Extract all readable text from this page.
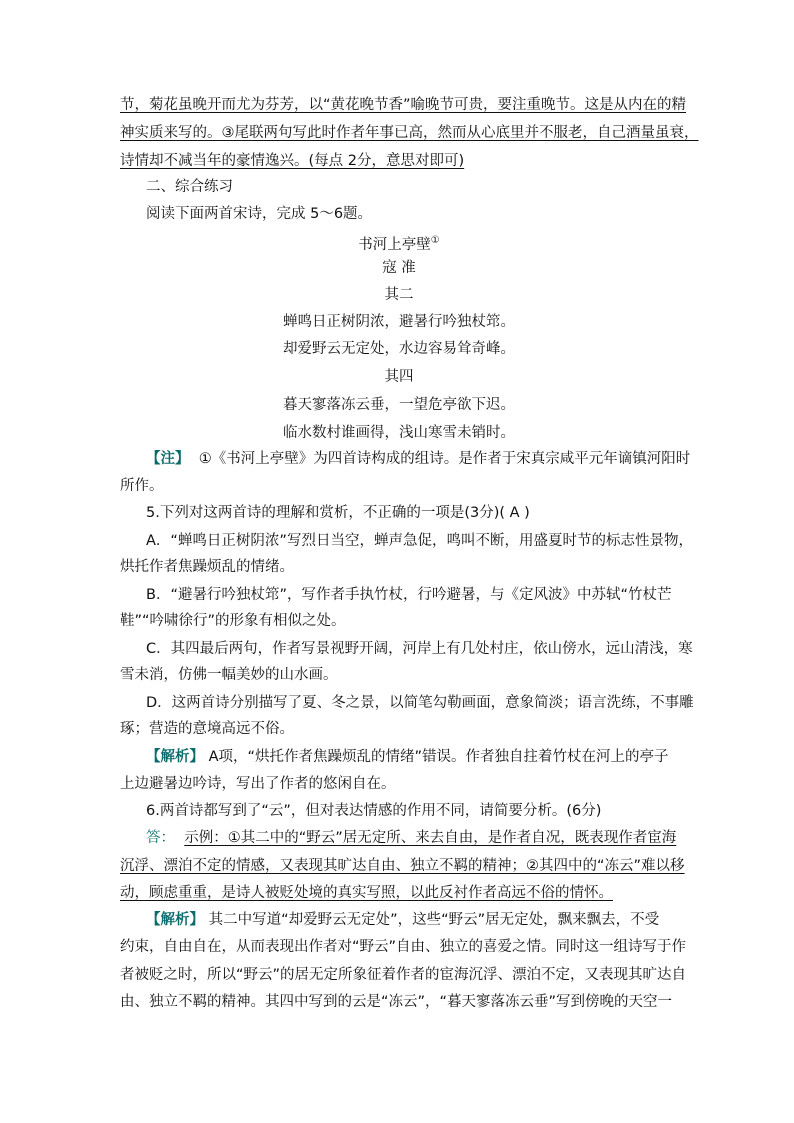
节，菊花虽晚开而尤为芬芳，以“黄花晚节香”喻晚节可贵，要注重晚节。这是从内在的精
神实质来写的。③尾联两句写此时作者年事已高，然而从心底里并不服老，自己酒量虽衰，
诗情却不减当年的豪情逸兴。(每点 2分，意思对即可)
二、综合练习
阅读下面两首宋诗，完成 5～6题。
书河上亭壁①
寇 准
其二
蝉鸣日正树阴浓，避暑行吟独杖筇。
却爱野云无定处，水边容易耸奇峰。
其四
暮天寥落冻云垂，一望危亭欲下迟。
临水数村谁画得，浅山寒雪未销时。
【注】 ①《书河上亭壁》为四首诗构成的组诗。是作者于宋真宗咸平元年谪镇河阳时
所作。
5.下列对这两首诗的理解和赏析，不正确的一项是(3分)( A )
A．“蝉鸣日正树阴浓”写烈日当空，蝉声急促，鸣叫不断，用盛夏时节的标志性景物，
烘托作者焦躁烦乱的情绪。
B．“避暑行吟独杖筇”，写作者手执竹杖，行吟避暑，与《定风波》中苏轼“竹杖芒
鞋”“吟啸徐行”的形象有相似之处。
C．其四最后两句，作者写景视野开阔，河岸上有几处村庄，依山傍水，远山清浅，寒
雪未消，仿佛一幅美妙的山水画。
D．这两首诗分别描写了夏、冬之景，以简笔勾勒画面，意象简淡；语言洗练，不事雕
琢；营造的意境高远不俗。
【解析】 A项，“烘托作者焦躁烦乱的情绪”错误。作者独自拄着竹杖在河上的亭子
上边避暑边吟诗，写出了作者的悠闲自在。
6.两首诗都写到了“云”，但对表达情感的作用不同，请简要分析。(6分)
答： 示例：①其二中的“野云”居无定所、来去自由，是作者自况，既表现作者宦海
沉浮、漂泊不定的情感，又表现其旷达自由、独立不羁的精神；②其四中的“冻云”难以移
动，顾虑重重，是诗人被贬处境的真实写照，以此反衬作者高远不俗的情怀。
【解析】 其二中写道“却爱野云无定处”，这些“野云”居无定处，飘来飘去，不受
约束，自由自在，从而表现出作者对“野云”自由、独立的喜爱之情。同时这一组诗写于作
者被贬之时，所以“野云”的居无定所象征着作者的宦海沉浮、漂泊不定，又表现其旷达自
由、独立不羁的精神。其四中写到的云是“冻云”，“暮天寥落冻云垂”写到傍晚的天空一
